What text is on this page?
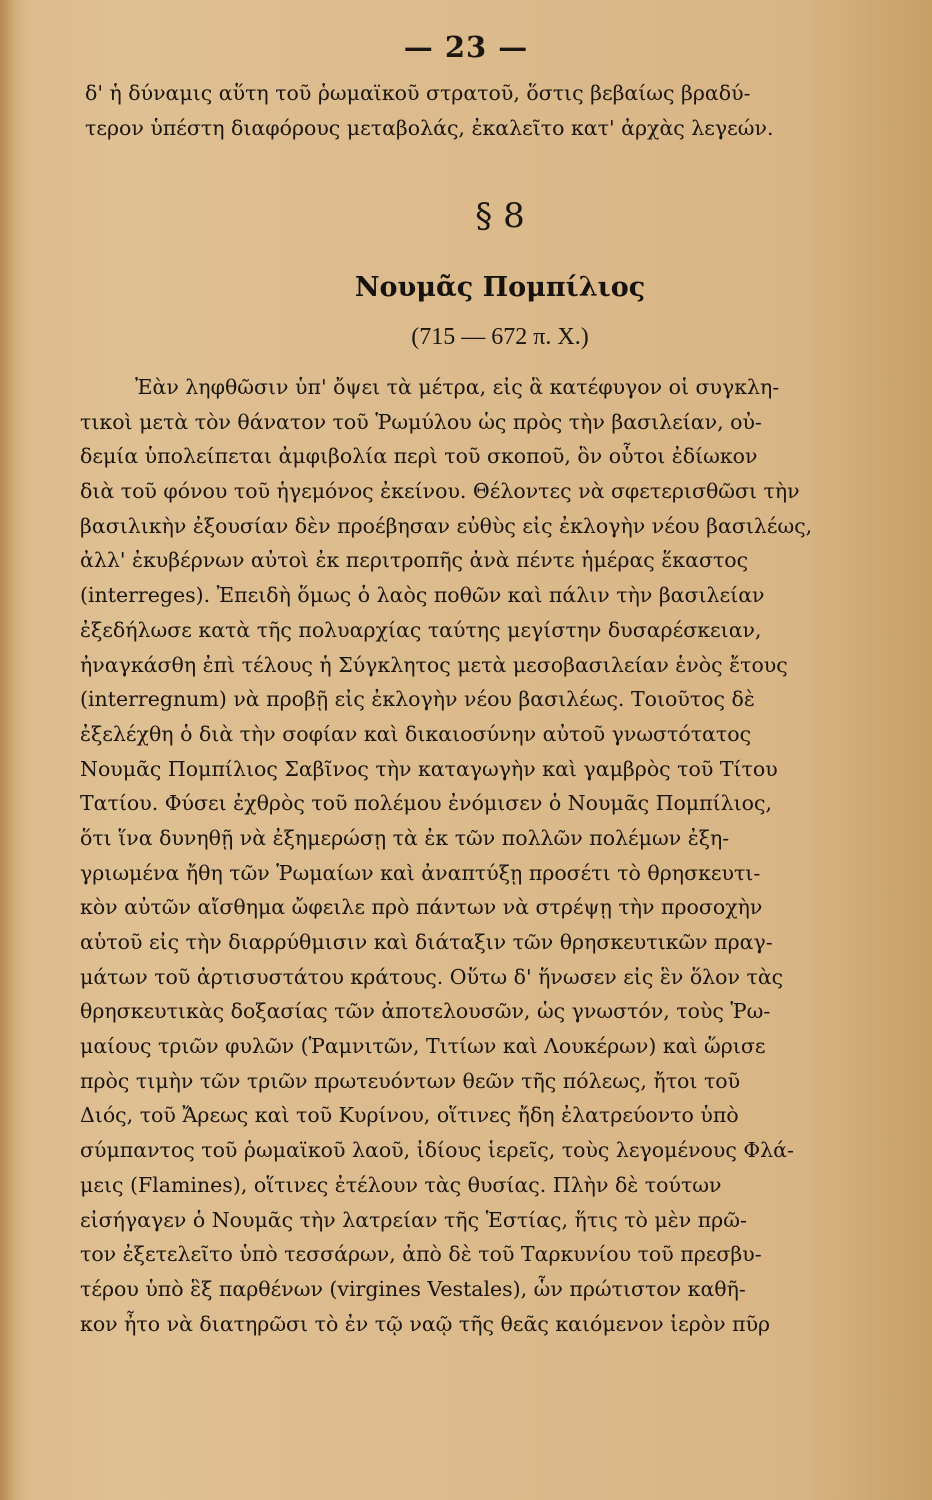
— 23 —
δ' ἡ δύναμις αὕτη τοῦ ῥωμαϊκοῦ στρατοῦ, ὅστις βεβαίως βραδύ-
τερον ὑπέστη διαφόρους μεταβολάς, ἐκαλεῖτο κατ' ἀρχὰς λεγεών.
§ 8
Νουμᾶς Πομπίλιος
(715 — 672 π. Χ.)
Ἐὰν ληφθῶσιν ὑπ' ὄψει τὰ μέτρα, εἰς ἃ κατέφυγον οἱ συγκλη-
τικοὶ μετὰ τὸν θάνατον τοῦ Ῥωμύλου ὡς πρὸς τὴν βασιλείαν, οὐ-
δεμία ὑπολείπεται ἀμφιβολία περὶ τοῦ σκοποῦ, ὃν οὗτοι ἐδίωκον
διὰ τοῦ φόνου τοῦ ἡγεμόνος ἐκείνου. Θέλοντες νὰ σφετερισθῶσι τὴν
βασιλικὴν ἐξουσίαν δὲν προέβησαν εὐθὺς εἰς ἐκλογὴν νέου βασιλέως,
ἀλλ' ἐκυβέρνων αὐτοὶ ἐκ περιτροπῆς ἀνὰ πέντε ἡμέρας ἕκαστος
(interreges). Ἐπειδὴ ὅμως ὁ λαὸς ποθῶν καὶ πάλιν τὴν βασιλείαν
ἐξεδήλωσε κατὰ τῆς πολυαρχίας ταύτης μεγίστην δυσαρέσκειαν,
ἠναγκάσθη ἐπὶ τέλους ἡ Σύγκλητος μετὰ μεσοβασιλείαν ἑνὸς ἔτους
(interregnum) νὰ προβῇ εἰς ἐκλογὴν νέου βασιλέως. Τοιοῦτος δὲ
ἐξελέχθη ὁ διὰ τὴν σοφίαν καὶ δικαιοσύνην αὐτοῦ γνωστότατος
Νουμᾶς Πομπίλιος Σαβῖνος τὴν καταγωγὴν καὶ γαμβρὸς τοῦ Τίτου
Τατίου. Φύσει ἐχθρὸς τοῦ πολέμου ἐνόμισεν ὁ Νουμᾶς Πομπίλιος,
ὅτι ἵνα δυνηθῇ νὰ ἐξημερώσῃ τὰ ἐκ τῶν πολλῶν πολέμων ἐξη-
γριωμένα ἤθη τῶν Ῥωμαίων καὶ ἀναπτύξῃ προσέτι τὸ θρησκευτι-
κὸν αὐτῶν αἴσθημα ὤφειλε πρὸ πάντων νὰ στρέψῃ τὴν προσοχὴν
αὑτοῦ εἰς τὴν διαρρύθμισιν καὶ διάταξιν τῶν θρησκευτικῶν πραγ-
μάτων τοῦ ἀρτισυστάτου κράτους. Οὕτω δ' ἥνωσεν εἰς ἓν ὅλον τὰς
θρησκευτικὰς δοξασίας τῶν ἀποτελουσῶν, ὡς γνωστόν, τοὺς Ῥω-
μαίους τριῶν φυλῶν (Ῥαμνιτῶν, Τιτίων καὶ Λουκέρων) καὶ ὥρισε
πρὸς τιμὴν τῶν τριῶν πρωτευόντων θεῶν τῆς πόλεως, ἤτοι τοῦ
Διός, τοῦ Ἄρεως καὶ τοῦ Κυρίνου, οἵτινες ἤδη ἐλατρεύοντο ὑπὸ
σύμπαντος τοῦ ῥωμαϊκοῦ λαοῦ, ἰδίους ἱερεῖς, τοὺς λεγομένους Φλά-
μεις (Flamines), οἵτινες ἐτέλουν τὰς θυσίας. Πλὴν δὲ τούτων
εἰσήγαγεν ὁ Νουμᾶς τὴν λατρείαν τῆς Ἑστίας, ἥτις τὸ μὲν πρῶ-
τον ἐξετελεῖτο ὑπὸ τεσσάρων, ἀπὸ δὲ τοῦ Ταρκυνίου τοῦ πρεσβυ-
τέρου ὑπὸ ἓξ παρθένων (virgines Vestales), ὧν πρώτιστον καθῆ-
κον ἦτο νὰ διατηρῶσι τὸ ἐν τῷ ναῷ τῆς θεᾶς καιόμενον ἱερὸν πῦρ
